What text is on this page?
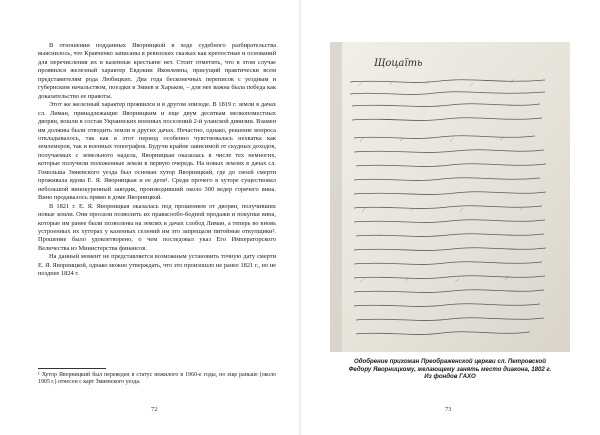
В отношении подданных Яворницкой в ходе судебного разбирательства выяснилось, что Кравченко записаны в ревизских сказках как крепостные и оснований для перечисления их в казенные крестьяне нет. Стоит отметить, что в этом случае проявился железный характер Евдокии Яковлевны, присущий практически всем представителям рода Любицких. Два года бесконечных переписок с уездным и губернским начальством, поездки в Змиев и Харьков, – для нее важна была победа как доказательство ее правоты.

Этот же железный характер проявился и в другом эпизоде. В 1819 г. земли в дачах сл. Лиман, принадлежащие Яворницким и еще двум десяткам мелкопоместных дворян, вошли в состав Украинских военных поселений 2-й уланской дивизии. Взамен им должны были отводить земли в других дачах. Нечастно, однако, решение вопроса откладывалось, так как в этот период особенно чувствовалась нехватка как землемеров, так и военных топографов. Будучи крайне зависимой от скудных доходов, получаемых с земельного надела, Яворницкая оказалась в числе тех немногих, которые получили положенные земли в первую очередь. На новых землях в дачах сл. Гомольша Змиевского уезда был основан хутор Яворницкий, где до своей смерти проживала вдова Е. Я. Яворницкая и ее дети¹. Среди прочего в хуторе существовал небольшой винокуренный заводик, производивший около 300 ведер горячего вина. Вино продавалось прямо в доме Яворницкой.

В 1821 г. Е. Я. Яворницкая оказалась под прошением от дворян, получивших новые земли. Они просили позволить их правасообо-бодной продажи и покупки вина, которые им ранее были позволены на землях в дачах слобод Лиман, а теперь во вновь устроенных их хуторах у казенных селений им это запрещали питейные откупщики². Прошение было удовлетворено, о чем последовал указ Его Императорского Величества из Министерства финансов.

На данный момент не представляется возможным установить точную дату смерти Е. Я. Яворницкой, однако можно утверждать, что это произошло не ранее 1821 г., но не позднее 1824 г.

¹ Хутор Яворницкий был переведен в статус нежилого в 1960-е годы, но еще раньше (около 1905 г.) отнесен с карт Змиевского уезда.
72
Щоцаїть
Одобрение прихожан Преображенской церкви сл. Петровской
Федору Яворницкому, желающему занять место диакона, 1802 г.
Из фондов ГАХО
73
